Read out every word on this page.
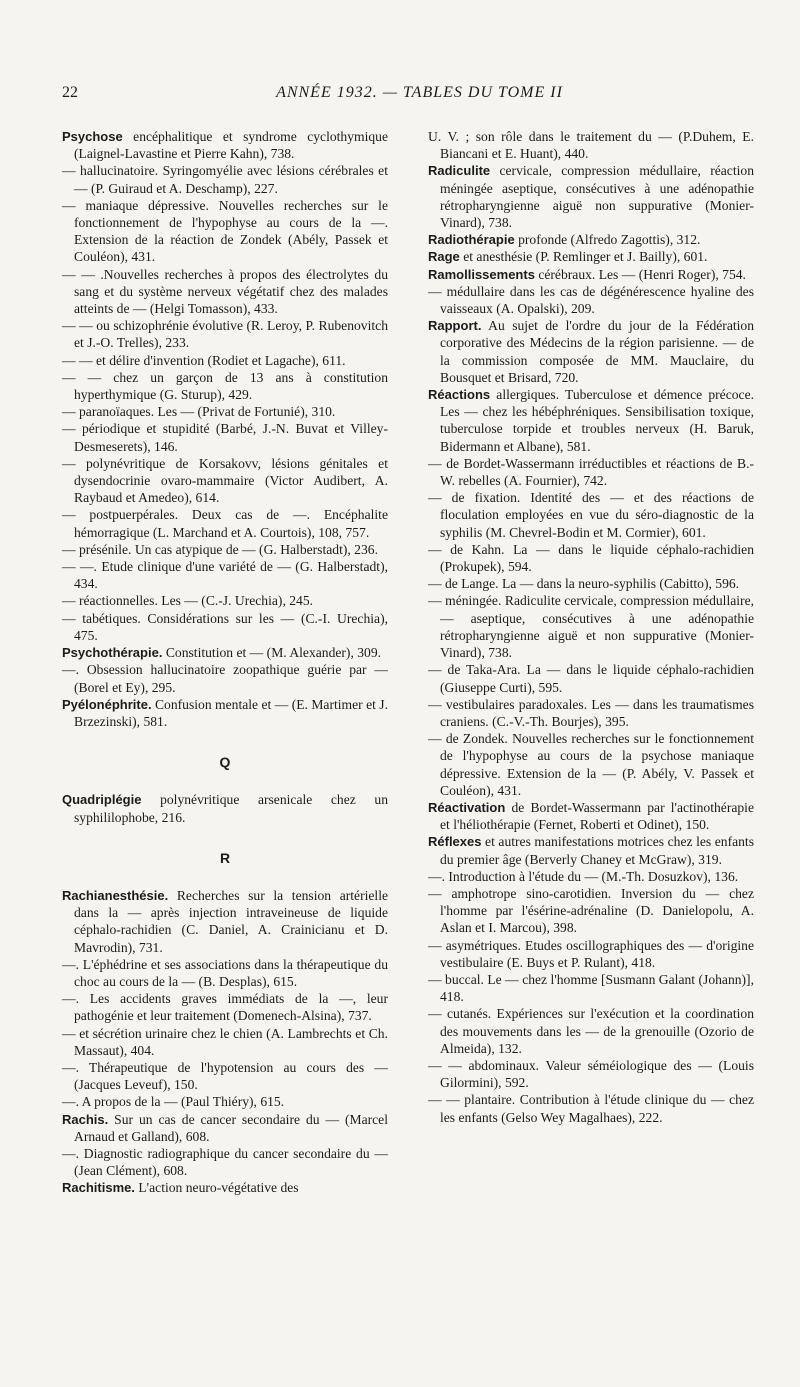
22	ANNÉE 1932. — TABLES DU TOME II

Psychose encéphalitique et syndrome cyclothymique (Laignel-Lavastine et Pierre Kahn), 738.

— hallucinatoire. Syringomyélie avec lésions cérébrales et — (P. Guiraud et A. Deschamp), 227.

— maniaque dépressive. Nouvelles recherches sur le fonctionnement de l'hypophyse au cours de la —. Extension de la réaction de Zondek (Abély, Passek et Couléon), 431.

— — .Nouvelles recherches à propos des électrolytes du sang et du système nerveux végétatif chez des malades atteints de — (Helgi Tomasson), 433.

— — ou schizophrénie évolutive (R. Leroy, P. Rubenovitch et J.-O. Trelles), 233.

— — et délire d'invention (Rodiet et Lagache), 611.

— — chez un garçon de 13 ans à constitution hyperthymique (G. Sturup), 429.

— paranoïaques. Les — (Privat de Fortunié), 310.

— périodique et stupidité (Barbé, J.-N. Buvat et Villey-Desmeserets), 146.

— polynévritique de Korsakovv, lésions génitales et dysendocrinie ovaro-mammaire (Victor Audibert, A. Raybaud et Amedeo), 614.

— postpuerpérales. Deux cas de —. Encéphalite hémorragique (L. Marchand et A. Courtois), 108, 757.

— présénile. Un cas atypique de — (G. Halberstadt), 236.

— —. Etude clinique d'une variété de — (G. Halberstadt), 434.

— réactionnelles. Les — (C.-J. Urechia), 245.

— tabétiques. Considérations sur les — (C.-I. Urechia), 475.

Psychothérapie. Constitution et — (M. Alexander), 309.

—. Obsession hallucinatoire zoopathique guérie par — (Borel et Ey), 295.

Pyélonéphrite. Confusion mentale et — (E. Martimer et J. Brzezinski), 581.

Q

Quadriplégie polynévritique arsenicale chez un syphililophobe, 216.

R

Rachianesthésie. Recherches sur la tension artérielle dans la — après injection intraveineuse de liquide céphalo-rachidien (C. Daniel, A. Crainicianu et D. Mavrodin), 731.

—. L'éphédrine et ses associations dans la thérapeutique du choc au cours de la — (B. Desplas), 615.

—. Les accidents graves immédiats de la —, leur pathogénie et leur traitement (Domenech-Alsina), 737.

— et sécrétion urinaire chez le chien (A. Lambrechts et Ch. Massaut), 404.

—. Thérapeutique de l'hypotension au cours des — (Jacques Leveuf), 150.

—. A propos de la — (Paul Thiéry), 615.

Rachis. Sur un cas de cancer secondaire du — (Marcel Arnaud et Galland), 608.

—. Diagnostic radiographique du cancer secondaire du — (Jean Clément), 608.

Rachitisme. L'action neuro-végétative des

U. V. ; son rôle dans le traitement du — (P.Duhem, E. Biancani et E. Huant), 440.

Radiculite cervicale, compression médullaire, réaction méningée aseptique, consécutives à une adénopathie rétropharyngienne aiguë non suppurative (Monier-Vinard), 738.

Radiothérapie profonde (Alfredo Zagottis), 312.

Rage et anesthésie (P. Remlinger et J. Bailly), 601.

Ramollissements cérébraux. Les — (Henri Roger), 754.

— médullaire dans les cas de dégénérescence hyaline des vaisseaux (A. Opalski), 209.

Rapport. Au sujet de l'ordre du jour de la Fédération corporative des Médecins de la région parisienne. — de la commission composée de MM. Mauclaire, du Bousquet et Brisard, 720.

Réactions allergiques. Tuberculose et démence précoce. Les — chez les hébéphréniques. Sensibilisation toxique, tuberculose torpide et troubles nerveux (H. Baruk, Bidermann et Albane), 581.

— de Bordet-Wassermann irréductibles et réactions de B.-W. rebelles (A. Fournier), 742.

— de fixation. Identité des — et des réactions de floculation employées en vue du séro-diagnostic de la syphilis (M. Chevrel-Bodin et M. Cormier), 601.

— de Kahn. La — dans le liquide céphalo-rachidien (Prokupek), 594.

— de Lange. La — dans la neuro-syphilis (Cabitto), 596.

— méningée. Radiculite cervicale, compression médullaire, — aseptique, consécutives à une adénopathie rétropharyngienne aiguë et non suppurative (Monier-Vinard), 738.

— de Taka-Ara. La — dans le liquide céphalo-rachidien (Giuseppe Curti), 595.

— vestibulaires paradoxales. Les — dans les traumatismes craniens. (C.-V.-Th. Bourjes), 395.

— de Zondek. Nouvelles recherches sur le fonctionnement de l'hypophyse au cours de la psychose maniaque dépressive. Extension de la — (P. Abély, V. Passek et Couléon), 431.

Réactivation de Bordet-Wassermann par l'actinothérapie et l'héliothérapie (Fernet, Roberti et Odinet), 150.

Réflexes et autres manifestations motrices chez les enfants du premier âge (Berverly Chaney et McGraw), 319.

—. Introduction à l'étude du — (M.-Th. Dosuzkov), 136.

— amphotrope sino-carotidien. Inversion du — chez l'homme par l'ésérine-adrénaline (D. Danielopolu, A. Aslan et I. Marcou), 398.

— asymétriques. Etudes oscillographiques des — d'origine vestibulaire (E. Buys et P. Rulant), 418.

— buccal. Le — chez l'homme [Susmann Galant (Johann)], 418.

— cutanés. Expériences sur l'exécution et la coordination des mouvements dans les — de la grenouille (Ozorio de Almeida), 132.

— — abdominaux. Valeur séméiologique des — (Louis Gilormini), 592.

— — plantaire. Contribution à l'étude clinique du — chez les enfants (Gelso Wey Magalhaes), 222.
